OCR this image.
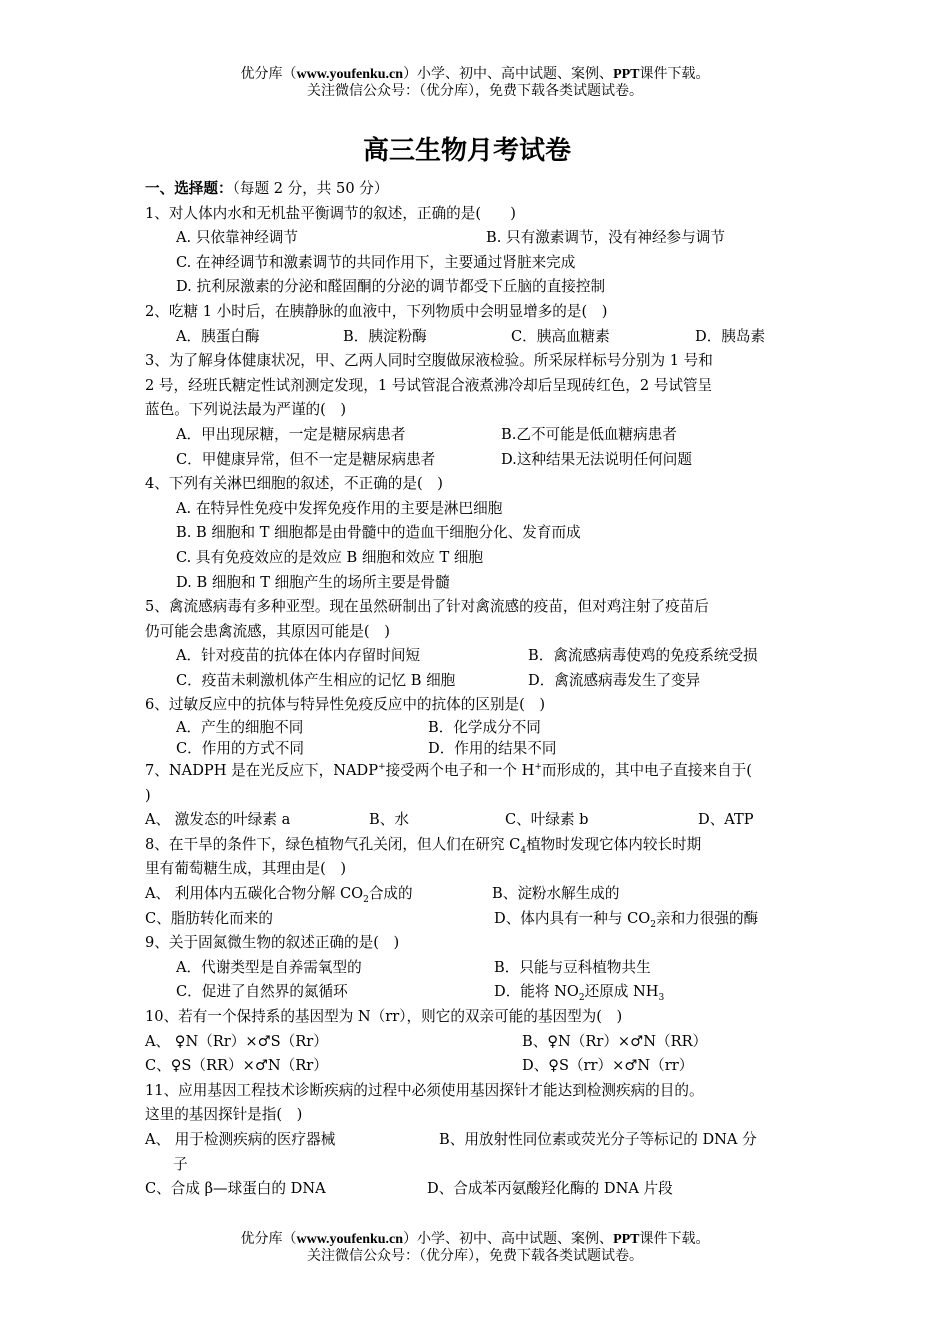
优分库（www.youfenku.cn）小学、初中、高中试题、案例、PPT课件下载。
关注微信公众号：（优分库），免费下载各类试题试卷。
高三生物月考试卷
一、选择题：（每题 2 分，共 50 分）
1、对人体内水和无机盐平衡调节的叙述，正确的是(　　)
A. 只依靠神经调节	B. 只有激素调节，没有神经参与调节
C. 在神经调节和激素调节的共同作用下，主要通过肾脏来完成
D. 抗利尿激素的分泌和醛固酮的分泌的调节都受下丘脑的直接控制
2、吃糖 1 小时后，在胰静脉的血液中，下列物质中会明显增多的是(　)
A．胰蛋白酶	B．胰淀粉酶	C．胰高血糖素	D．胰岛素
3、为了解身体健康状况，甲、乙两人同时空腹做尿液检验。所采尿样标号分别为 1 号和
2 号，经班氏糖定性试剂测定发现，1 号试管混合液煮沸冷却后呈现砖红色，2 号试管呈
蓝色。下列说法最为严谨的(　)
A．甲出现尿糖，一定是糖尿病患者	B.乙不可能是低血糖病患者
C．甲健康异常，但不一定是糖尿病患者	D.这种结果无法说明任何问题
4、下列有关淋巴细胞的叙述，不正确的是(　)
A. 在特异性免疫中发挥免疫作用的主要是淋巴细胞
B. B 细胞和 T 细胞都是由骨髓中的造血干细胞分化、发育而成
C. 具有免疫效应的是效应 B 细胞和效应 T 细胞
D. B 细胞和 T 细胞产生的场所主要是骨髓
5、禽流感病毒有多种亚型。现在虽然研制出了针对禽流感的疫苗，但对鸡注射了疫苗后
仍可能会患禽流感，其原因可能是(　)
A．针对疫苗的抗体在体内存留时间短	B．禽流感病毒使鸡的免疫系统受损
C．疫苗未刺激机体产生相应的记忆 B 细胞	D．禽流感病毒发生了变异
6、过敏反应中的抗体与特异性免疫反应中的抗体的区别是(　)
A．产生的细胞不同	B．化学成分不同
C．作用的方式不同	D．作用的结果不同
7、NADPH 是在光反应下，NADP+接受两个电子和一个 H+而形成的，其中电子直接来自于(
)
A、 激发态的叶绿素 a	B、水	C、叶绿素 b	D、ATP
8、在干旱的条件下，绿色植物气孔关闭，但人们在研究 $C_4$植物时发现它体内较长时期
里有葡萄糖生成，其理由是(　)
A、 利用体内五碳化合物分解 $CO_2$合成的	B、淀粉水解生成的
C、脂肪转化而来的	D、体内具有一种与 $CO_2$亲和力很强的酶
9、关于固氮微生物的叙述正确的是(　)
A．代谢类型是自养需氧型的	B．只能与豆科植物共生
C．促进了自然界的氮循环	D．能将 $NO_2$还原成 $NH_3$
10、若有一个保持系的基因型为 N（rr），则它的双亲可能的基因型为(　)
A、 ♀N（Rr）×♂S（Rr）	B、♀N（Rr）×♂N（RR）
C、♀S（RR）×♂N（Rr）	D、♀S（rr）×♂N（rr）
11、应用基因工程技术诊断疾病的过程中必须使用基因探针才能达到检测疾病的目的。
这里的基因探针是指(　)
A、 用于检测疾病的医疗器械	B、用放射性同位素或荧光分子等标记的 DNA 分
子
C、合成 β—球蛋白的 DNA	D、合成苯丙氨酸羟化酶的 DNA 片段
优分库（www.youfenku.cn）小学、初中、高中试题、案例、PPT课件下载。
关注微信公众号：（优分库），免费下载各类试题试卷。
